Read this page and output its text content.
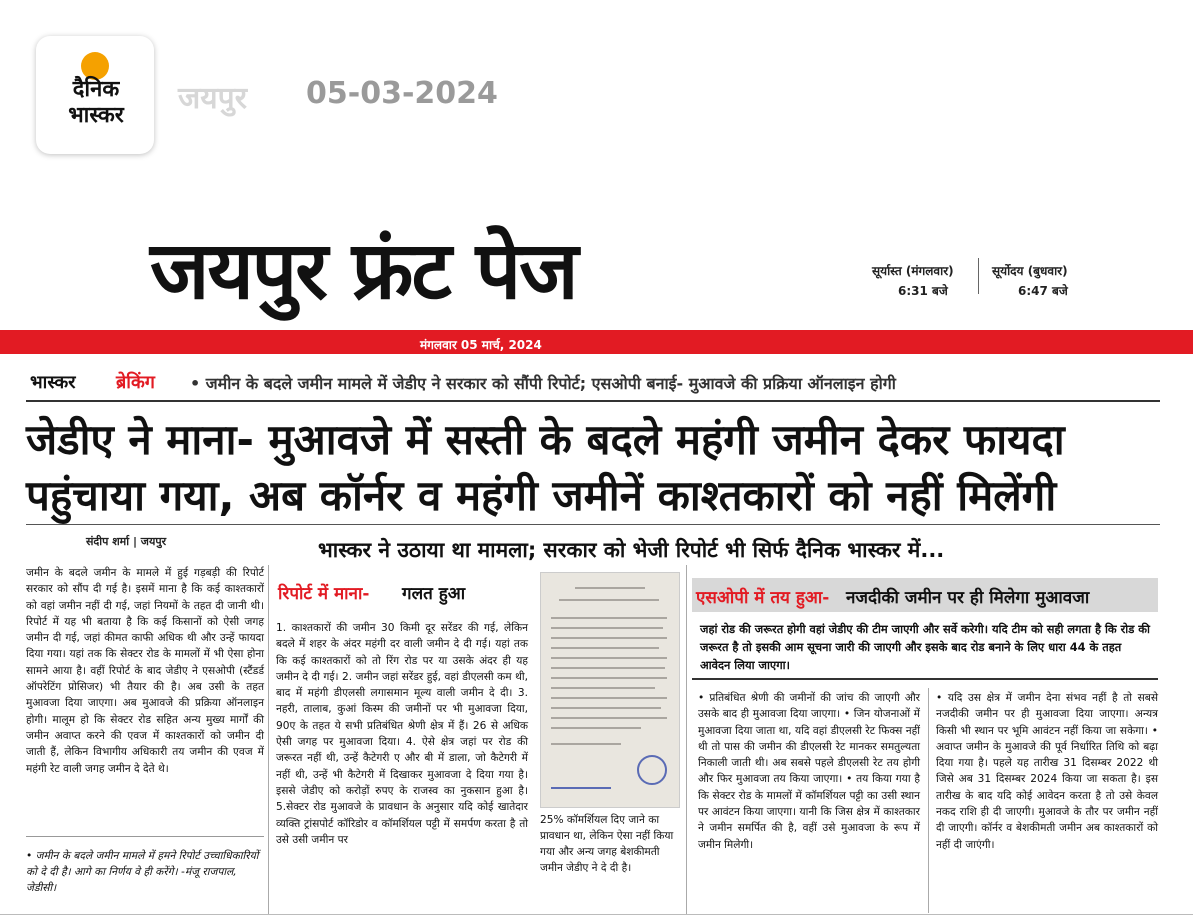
दैनिक
भास्कर	जयपुर 05-03-2024
जयपुर फ्रंट पेज	सूर्यास्त (मंगलवार)
6:31 बजे
सूर्योदय (बुधवार)
6:47 बजे
मंगलवार 05 मार्च, 2024
भास्कर ब्रेकिंग • जमीन के बदले जमीन मामले में जेडीए ने सरकार को सौंपी रिपोर्ट; एसओपी बनाई- मुआवजे की प्रक्रिया ऑनलाइन होगी
जेडीए ने माना- मुआवजे में सस्ती के बदले महंगी जमीन देकर फायदा
पहुंचाया गया, अब कॉर्नर व महंगी जमीनें काश्तकारों को नहीं मिलेंगी
संदीप शर्मा | जयपुर	भास्कर ने उठाया था मामला; सरकार को भेजी रिपोर्ट भी सिर्फ दैनिक भास्कर में...
जमीन के बदले जमीन के मामले में हुई गड़बड़ी की रिपोर्ट सरकार को सौंप दी गई है। इसमें माना है कि कई काश्तकारों को वहां जमीन नहीं दी गई, जहां नियमों के तहत दी जानी थी। रिपोर्ट में यह भी बताया है कि कई किसानों को ऐसी जगह जमीन दी गई, जहां कीमत काफी अधिक थी और उन्हें फायदा दिया गया। यहां तक कि सेक्टर रोड के मामलों में भी ऐसा होना सामने आया है। वहीं रिपोर्ट के बाद जेडीए ने एसओपी (स्टैंडर्ड ऑपरेटिंग प्रोसिजर) भी तैयार की है। अब उसी के तहत मुआवजा दिया जाएगा। अब मुआवजे की प्रक्रिया ऑनलाइन होगी। मालूम हो कि सेक्टर रोड सहित अन्य मुख्य मार्गों की जमीन अवाप्त करने की एवज में काश्तकारों को जमीन दी जाती हैं, लेकिन विभागीय अधिकारी तय जमीन की एवज में महंगी रेट वाली जगह जमीन दे देते थे।
• जमीन के बदले जमीन मामले में हमने रिपोर्ट उच्चाधिकारियों को दे दी है। आगे का निर्णय वे ही करेंगे। -मंजू राजपाल, जेडीसी।
रिपोर्ट में माना- गलत हुआ
1. काश्तकारों की जमीन 30 किमी दूर सरेंडर की गई, लेकिन बदले में शहर के अंदर महंगी दर वाली जमीन दे दी गई। यहां तक कि कई काश्तकारों को तो रिंग रोड पर या उसके अंदर ही यह जमीन दे दी गई। 2. जमीन जहां सरेंडर हुई, वहां डीएलसी कम थी, बाद में महंगी डीएलसी लगासमान मूल्य वाली जमीन दे दी। 3. नहरी, तालाब, कुआं किस्म की जमीनों पर भी मुआवजा दिया, 90ए के तहत ये सभी प्रतिबंधित श्रेणी क्षेत्र में हैं। 26 से अधिक ऐसी जगह पर मुआवजा दिया। 4. ऐसे क्षेत्र जहां पर रोड की जरूरत नहीं थी, उन्हें कैटेगरी ए और बी में डाला, जो कैटेगरी में नहीं थी, उन्हें भी कैटेगरी में दिखाकर मुआवजा दे दिया गया है। इससे जेडीए को करोड़ों रुपए के राजस्व का नुकसान हुआ है। 5.सेक्टर रोड मुआवजे के प्रावधान के अनुसार यदि कोई खातेदार व्यक्ति ट्रांसपोर्ट कॉरिडोर व कॉमर्शियल पट्टी में समर्पण करता है तो उसे उसी जमीन पर
25% कॉमर्शियल दिए जाने का प्रावधान था, लेकिन ऐसा नहीं किया गया और अन्य जगह बेशकीमती जमीन जेडीए ने दे दी है।
एसओपी में तय हुआ- नजदीकी जमीन पर ही मिलेगा मुआवजा
जहां रोड की जरूरत होगी वहां जेडीए की टीम जाएगी और सर्वे करेगी। यदि टीम को सही लगता है कि रोड की जरूरत है तो इसकी आम सूचना जारी की जाएगी और इसके बाद रोड बनाने के लिए धारा 44 के तहत आवेदन लिया जाएगा।
• प्रतिबंधित श्रेणी की जमीनों की जांच की जाएगी और उसके बाद ही मुआवजा दिया जाएगा। • जिन योजनाओं में मुआवजा दिया जाता था, यदि वहां डीएलसी रेट फिक्स नहीं थी तो पास की जमीन की डीएलसी रेट मानकर समतुल्यता निकाली जाती थी। अब सबसे पहले डीएलसी रेट तय होगी और फिर मुआवजा तय किया जाएगा। • तय किया गया है कि सेक्टर रोड के मामलों में कॉमर्शियल पट्टी का उसी स्थान पर आवंटन किया जाएगा। यानी कि जिस क्षेत्र में काश्तकार ने जमीन समर्पित की है, वहीं उसे मुआवजा के रूप में जमीन मिलेगी।
• यदि उस क्षेत्र में जमीन देना संभव नहीं है तो सबसे नजदीकी जमीन पर ही मुआवजा दिया जाएगा। अन्यत्र किसी भी स्थान पर भूमि आवंटन नहीं किया जा सकेगा। • अवाप्त जमीन के मुआवजे की पूर्व निर्धारित तिथि को बढ़ा दिया गया है। पहले यह तारीख 31 दिसम्बर 2022 थी जिसे अब 31 दिसम्बर 2024 किया जा सकता है। इस तारीख के बाद यदि कोई आवेदन करता है तो उसे केवल नकद राशि ही दी जाएगी। मुआवजे के तौर पर जमीन नहीं दी जाएगी। कॉर्नर व बेशकीमती जमीन अब काश्तकारों को नहीं दी जाएंगी।
